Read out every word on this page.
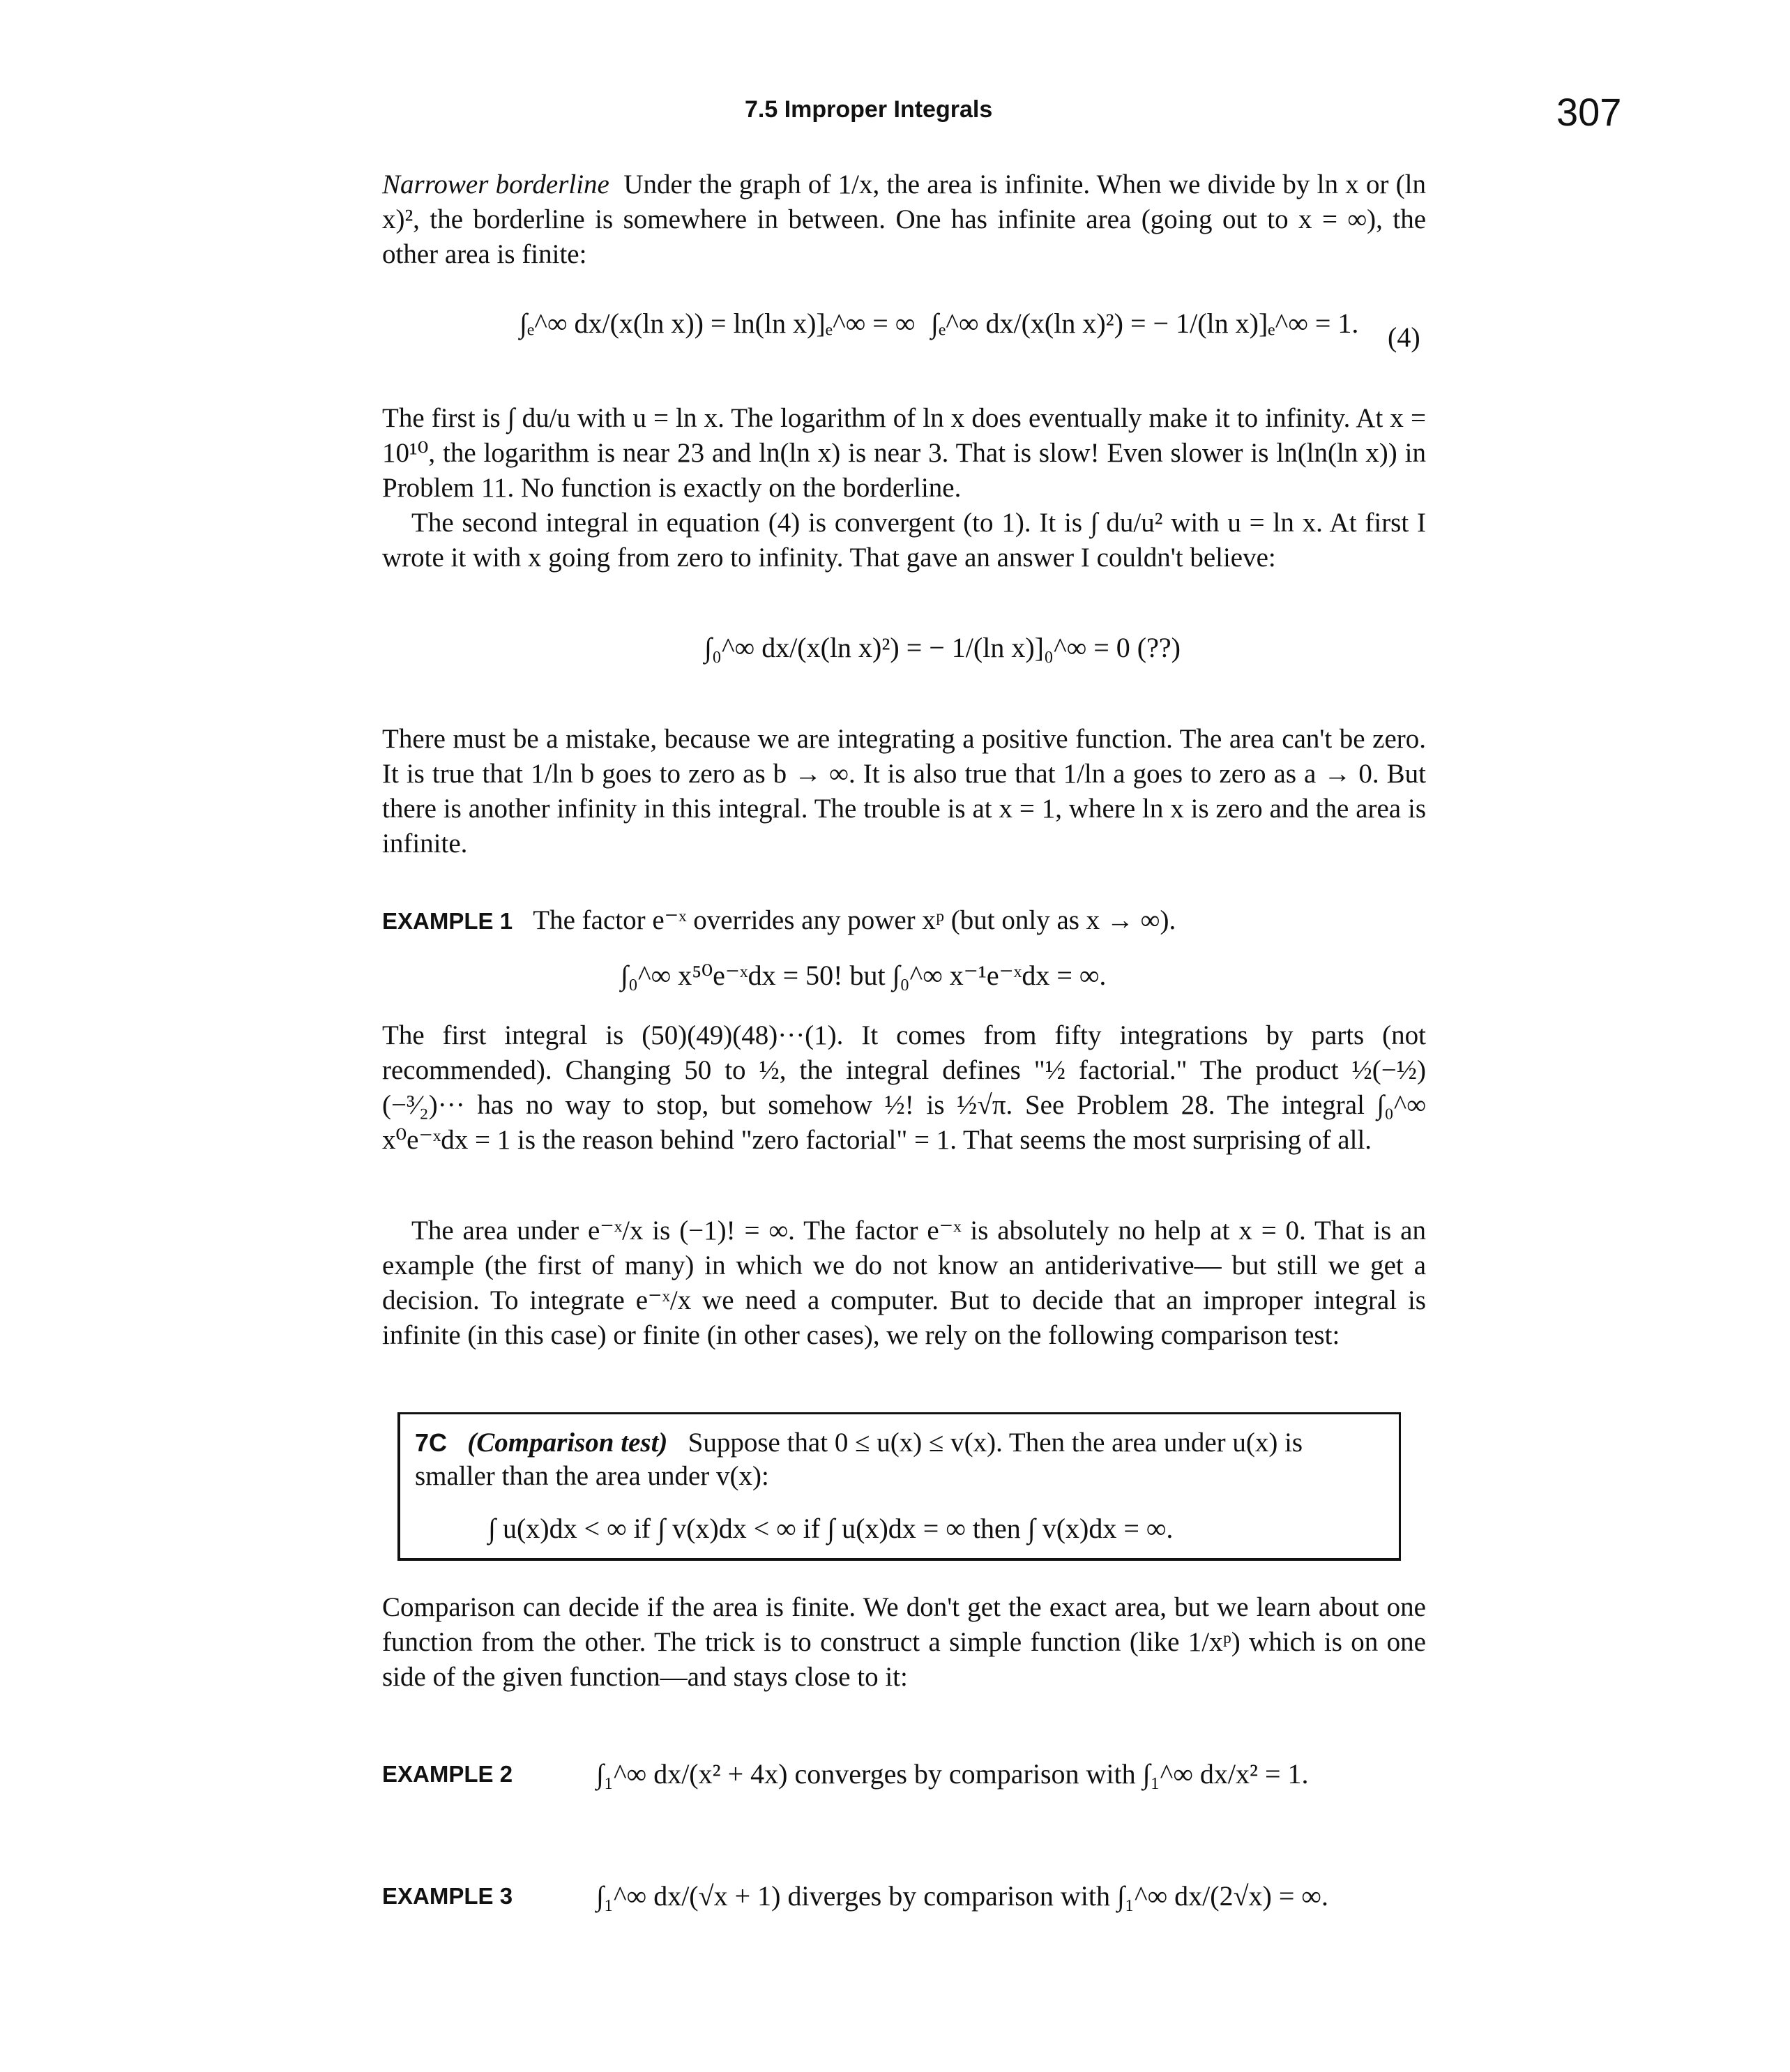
7.5 Improper Integrals	307

Narrower borderline Under the graph of 1/x, the area is infinite. When we divide by ln x or (ln x)², the borderline is somewhere in between. One has infinite area (going out to x = ∞), the other area is finite:

∫ₑ^∞ dx/(x(ln x)) = ln(ln x)]ₑ^∞ = ∞ ∫ₑ^∞ dx/(x(ln x)²) = − 1/(ln x)]ₑ^∞ = 1. (4)

The first is ∫ du/u with u = ln x. The logarithm of ln x does eventually make it to infinity. At x = 10¹⁰, the logarithm is near 23 and ln(ln x) is near 3. That is slow! Even slower is ln(ln(ln x)) in Problem 11. No function is exactly on the borderline.

The second integral in equation (4) is convergent (to 1). It is ∫ du/u² with u = ln x. At first I wrote it with x going from zero to infinity. That gave an answer I couldn't believe:

∫₀^∞ dx/(x(ln x)²) = − 1/(ln x)]₀^∞ = 0 (??)

There must be a mistake, because we are integrating a positive function. The area can't be zero. It is true that 1/ln b goes to zero as b → ∞. It is also true that 1/ln a goes to zero as a → 0. But there is another infinity in this integral. The trouble is at x = 1, where ln x is zero and the area is infinite.

EXAMPLE 1 The factor e⁻ˣ overrides any power xᵖ (but only as x → ∞).

∫₀^∞ x⁵⁰e⁻ˣdx = 50! but ∫₀^∞ x⁻¹e⁻ˣdx = ∞.

The first integral is (50)(49)(48)···(1). It comes from fifty integrations by parts (not recommended). Changing 50 to ½, the integral defines "½ factorial." The product ½(−½)(−³⁄₂)··· has no way to stop, but somehow ½! is ½√π. See Problem 28. The integral ∫₀^∞ x⁰e⁻ˣdx = 1 is the reason behind "zero factorial" = 1. That seems the most surprising of all.

The area under e⁻ˣ/x is (−1)! = ∞. The factor e⁻ˣ is absolutely no help at x = 0. That is an example (the first of many) in which we do not know an antiderivative— but still we get a decision. To integrate e⁻ˣ/x we need a computer. But to decide that an improper integral is infinite (in this case) or finite (in other cases), we rely on the following comparison test:

7C (Comparison test) Suppose that 0 ≤ u(x) ≤ v(x). Then the area under u(x) is smaller than the area under v(x):
∫ u(x)dx < ∞ if ∫ v(x)dx < ∞ if ∫ u(x)dx = ∞ then ∫ v(x)dx = ∞.

Comparison can decide if the area is finite. We don't get the exact area, but we learn about one function from the other. The trick is to construct a simple function (like 1/xᵖ) which is on one side of the given function—and stays close to it:

EXAMPLE 2	∫₁^∞ dx/(x² + 4x) converges by comparison with ∫₁^∞ dx/x² = 1.
EXAMPLE 3	∫₁^∞ dx/(√x + 1) diverges by comparison with ∫₁^∞ dx/(2√x) = ∞.
